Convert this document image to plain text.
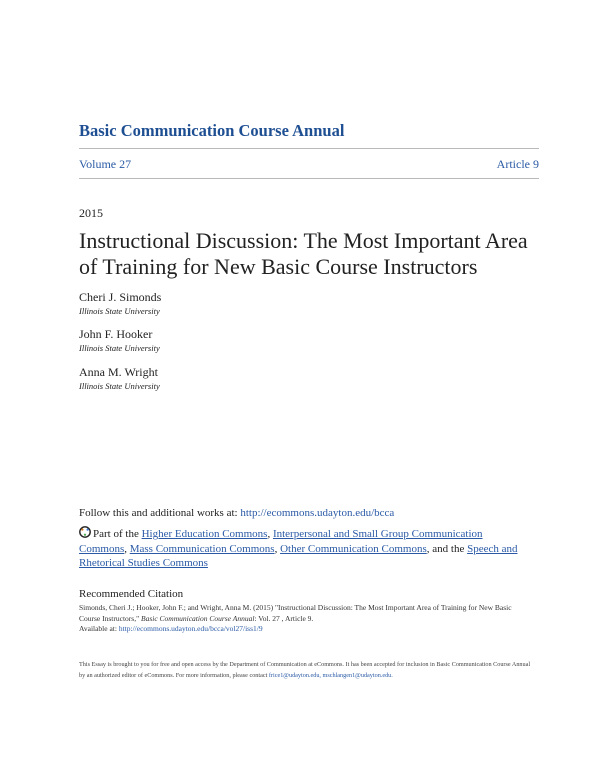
Basic Communication Course Annual
Volume 27	Article 9
2015
Instructional Discussion: The Most Important Area of Training for New Basic Course Instructors
Cheri J. Simonds
Illinois State University
John F. Hooker
Illinois State University
Anna M. Wright
Illinois State University
Follow this and additional works at: http://ecommons.udayton.edu/bcca
Part of the Higher Education Commons, Interpersonal and Small Group Communication Commons, Mass Communication Commons, Other Communication Commons, and the Speech and Rhetorical Studies Commons
Recommended Citation
Simonds, Cheri J.; Hooker, John F.; and Wright, Anna M. (2015) "Instructional Discussion: The Most Important Area of Training for New Basic Course Instructors," Basic Communication Course Annual: Vol. 27 , Article 9.
Available at: http://ecommons.udayton.edu/bcca/vol27/iss1/9
This Essay is brought to you for free and open access by the Department of Communication at eCommons. It has been accepted for inclusion in Basic Communication Course Annual by an authorized editor of eCommons. For more information, please contact frice1@udayton.edu, mschlangen1@udayton.edu.
